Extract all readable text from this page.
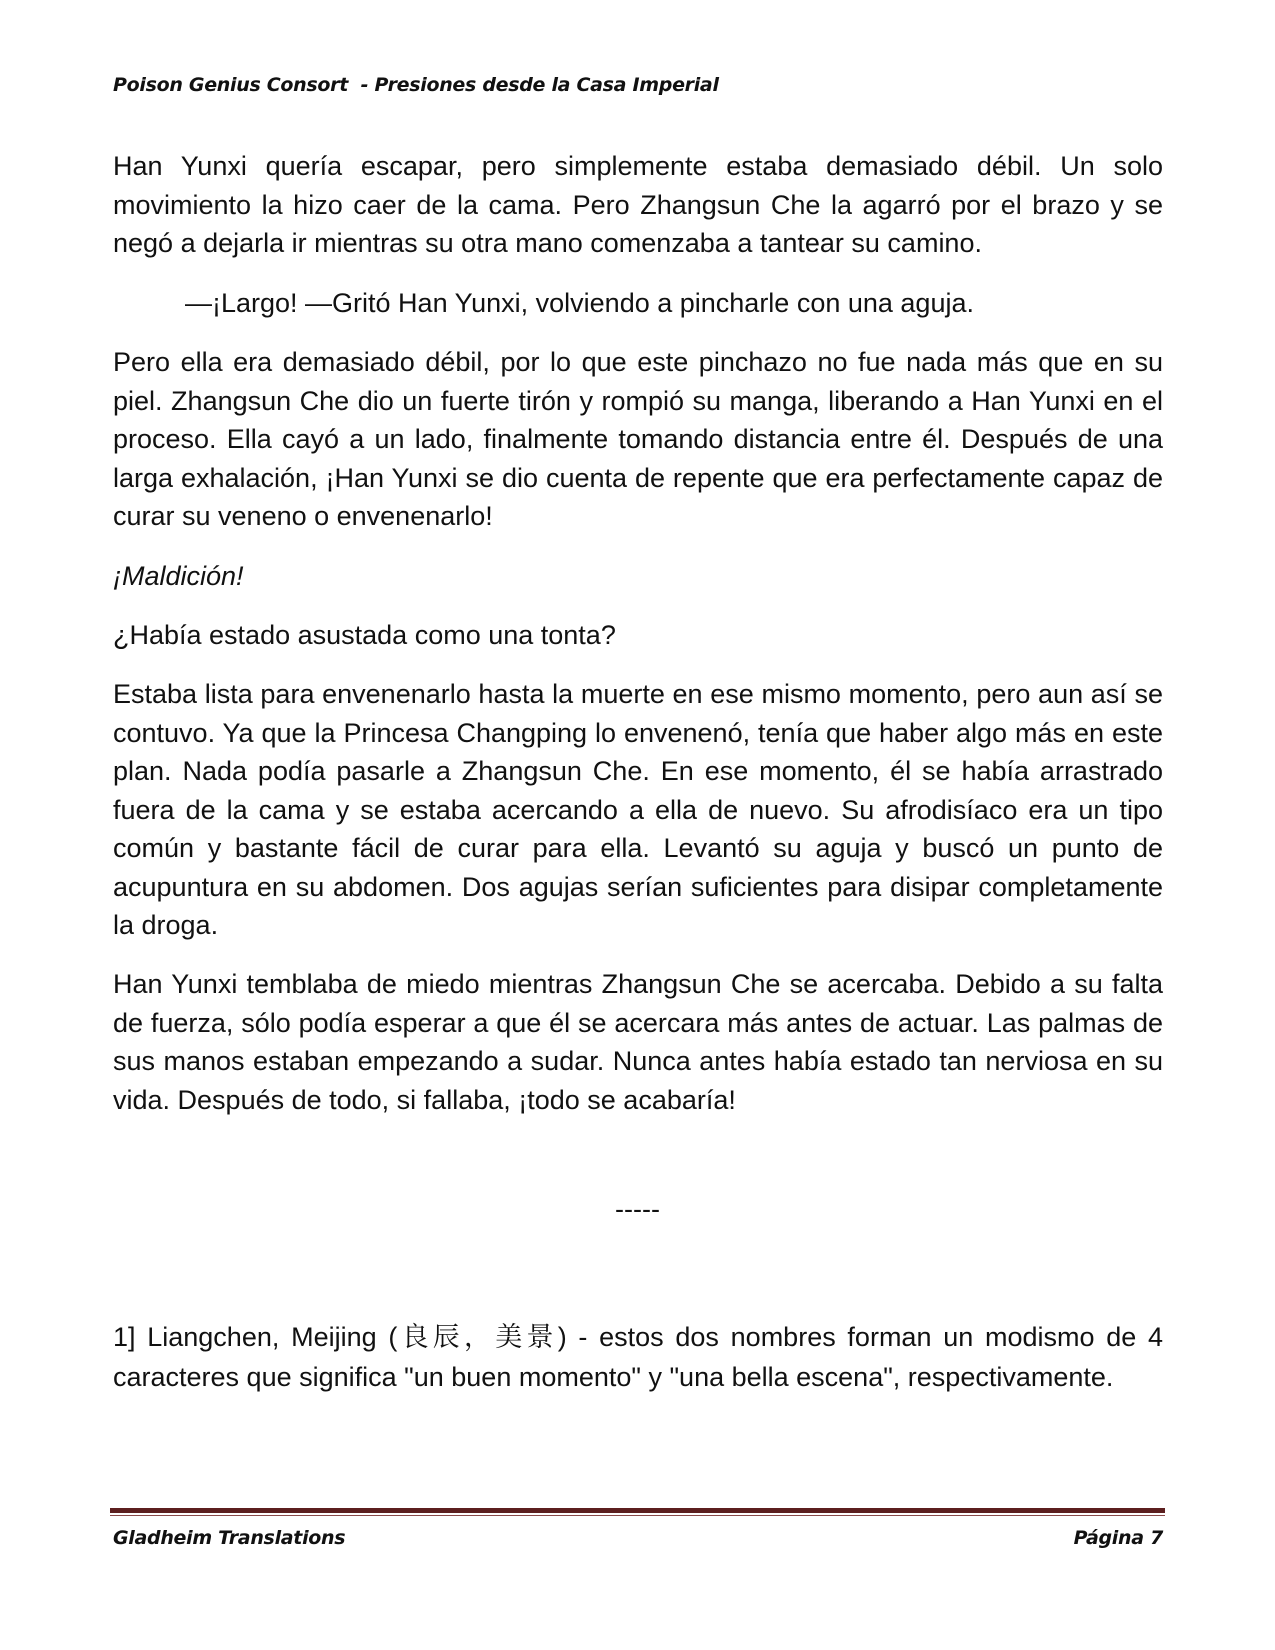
Poison Genius Consort  - Presiones desde la Casa Imperial

Han Yunxi quería escapar, pero simplemente estaba demasiado débil. Un solo movimiento la hizo caer de la cama. Pero Zhangsun Che la agarró por el brazo y se negó a dejarla ir mientras su otra mano comenzaba a tantear su camino.

—¡Largo! —Gritó Han Yunxi, volviendo a pincharle con una aguja.

Pero ella era demasiado débil, por lo que este pinchazo no fue nada más que en su piel. Zhangsun Che dio un fuerte tirón y rompió su manga, liberando a Han Yunxi en el proceso. Ella cayó a un lado, finalmente tomando distancia entre él. Después de una larga exhalación, ¡Han Yunxi se dio cuenta de repente que era perfectamente capaz de curar su veneno o envenenarlo!

¡Maldición!

¿Había estado asustada como una tonta?

Estaba lista para envenenarlo hasta la muerte en ese mismo momento, pero aun así se contuvo. Ya que la Princesa Changping lo envenenó, tenía que haber algo más en este plan. Nada podía pasarle a Zhangsun Che. En ese momento, él se había arrastrado fuera de la cama y se estaba acercando a ella de nuevo. Su afrodisíaco era un tipo común y bastante fácil de curar para ella. Levantó su aguja y buscó un punto de acupuntura en su abdomen. Dos agujas serían suficientes para disipar completamente la droga.

Han Yunxi temblaba de miedo mientras Zhangsun Che se acercaba. Debido a su falta de fuerza, sólo podía esperar a que él se acercara más antes de actuar. Las palmas de sus manos estaban empezando a sudar. Nunca antes había estado tan nerviosa en su vida. Después de todo, si fallaba, ¡todo se acabaría!

-----

1] Liangchen, Meijing (良辰，美景) - estos dos nombres forman un modismo de 4 caracteres que significa "un buen momento" y "una bella escena", respectivamente.

Gladheim Translations	Página 7
